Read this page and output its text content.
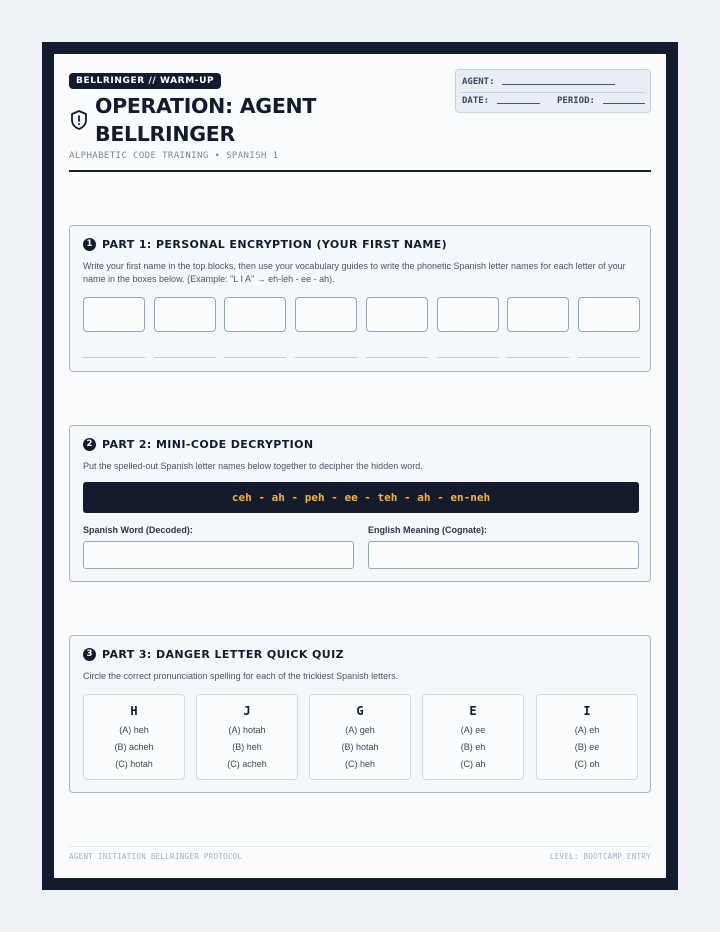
BELLRINGER // WARM-UP
OPERATION: AGENT
BELLRINGER
ALPHABETIC CODE TRAINING • SPANISH 1
AGENT:
DATE:	PERIOD:
1 PART 1: PERSONAL ENCRYPTION (YOUR FIRST NAME)
Write your first name in the top blocks, then use your vocabulary guides to write the phonetic Spanish letter names for each letter of your name in the boxes below. (Example: "L I A" → eh-leh - ee - ah).
2 PART 2: MINI-CODE DECRYPTION
Put the spelled-out Spanish letter names below together to decipher the hidden word.
ceh - ah - peh - ee - teh - ah - en-neh
Spanish Word (Decoded):	English Meaning (Cognate):
3 PART 3: DANGER LETTER QUICK QUIZ
Circle the correct pronunciation spelling for each of the trickiest Spanish letters.
H
(A) heh
(B) acheh
(C) hotah
J
(A) hotah
(B) heh
(C) acheh
G
(A) geh
(B) hotah
(C) heh
E
(A) ee
(B) eh
(C) ah
I
(A) eh
(B) ee
(C) oh
AGENT INITIATION BELLRINGER PROTOCOL	LEVEL: BOOTCAMP ENTRY
